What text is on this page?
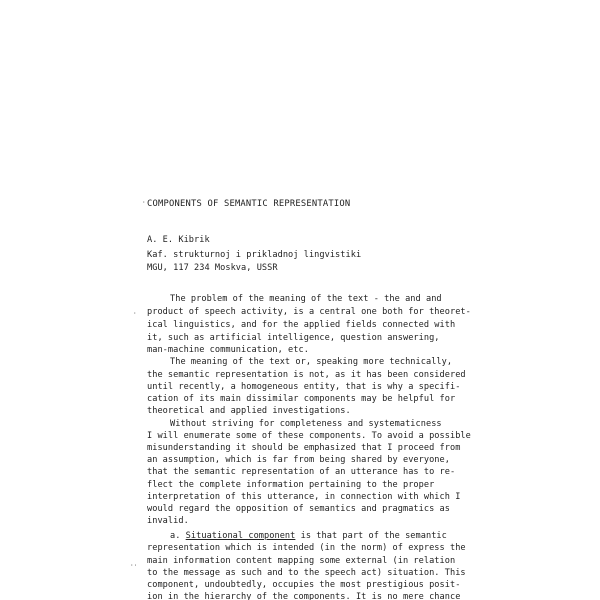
COMPONENTS OF SEMANTIC REPRESENTATION
A. E. Kibrik
Kaf. strukturnoj i prikladnoj lingvistiki
MGU, 117 234 Moskva, USSR
The problem of the meaning of the text - the and and
product of speech activity, is a central one both for theoret-
ical linguistics, and for the applied fields connected with
it, such as artificial intelligence, question answering,
man-machine communication, etc.
The meaning of the text or, speaking more technically,
the semantic representation is not, as it has been considered
until recently, a homogeneous entity, that is why a specifi-
cation of its main dissimilar components may be helpful for
theoretical and applied investigations.
Without striving for completeness and systematicness
I will enumerate some of these components. To avoid a possible
misunderstanding it should be emphasized that I proceed from
an assumption, which is far from being shared by everyone,
that the semantic representation of an utterance has to re-
flect the complete information pertaining to the proper
interpretation of this utterance, in connection with which I
would regard the opposition of semantics and pragmatics as
invalid.
a. Situational component is that part of the semantic
representation which is intended (in the norm) of express the
main information content mapping some external (in relation
to the message as such and to the speech act) situation. This
component, undoubtedly, occupies the most prestigious posit-
ion in the hierarchy of the components. It is no mere chance
·
··
·
